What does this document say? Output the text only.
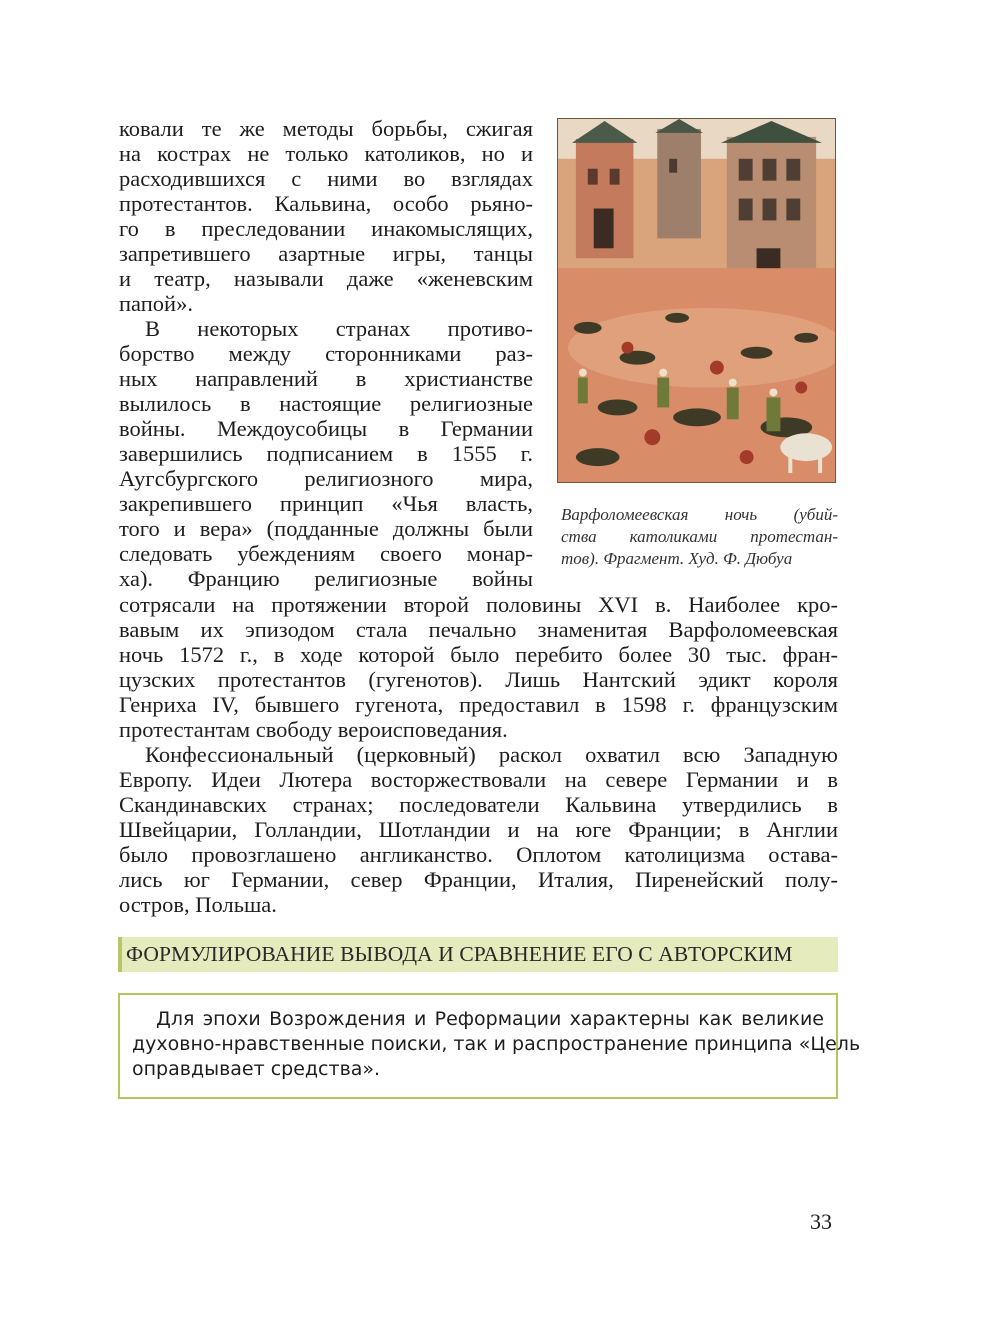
ковали те же методы борьбы, сжигая
на кострах не только католиков, но и
расходившихся с ними во взглядах
протестантов. Кальвина, особо рьяно-
го в преследовании инакомыслящих,
запретившего азартные игры, танцы
и театр, называли даже «женевским
папой».
В некоторых странах противо-
борство между сторонниками раз-
ных направлений в христианстве
вылилось в настоящие религиозные
войны. Междоусобицы в Германии
завершились подписанием в 1555 г.
Аугсбургского религиозного мира,
закрепившего принцип «Чья власть,
того и вера» (подданные должны были
следовать убеждениям своего монар-
ха). Францию религиозные войны
сотрясали на протяжении второй половины XVI в. Наиболее кро-
вавым их эпизодом стала печально знаменитая Варфоломеевская
ночь 1572 г., в ходе которой было перебито более 30 тыс. фран-
цузских протестантов (гугенотов). Лишь Нантский эдикт короля
Генриха IV, бывшего гугенота, предоставил в 1598 г. французским
протестантам свободу вероисповедания.
Конфессиональный (церковный) раскол охватил всю Западную
Европу. Идеи Лютера восторжествовали на севере Германии и в
Скандинавских странах; последователи Кальвина утвердились в
Швейцарии, Голландии, Шотландии и на юге Франции; в Англии
было провозглашено англиканство. Оплотом католицизма остава-
лись юг Германии, север Франции, Италия, Пиренейский полу-
остров, Польша.
Варфоломеевская ночь (убий-
ства католиками протестан-
тов). Фрагмент. Худ. Ф. Дюбуа
ФОРМУЛИРОВАНИЕ ВЫВОДА И СРАВНЕНИЕ ЕГО С АВТОРСКИМ
Для эпохи Возрождения и Реформации характерны как великие
духовно-нравственные поиски, так и распространение принципа «Цель
оправдывает средства».
33
